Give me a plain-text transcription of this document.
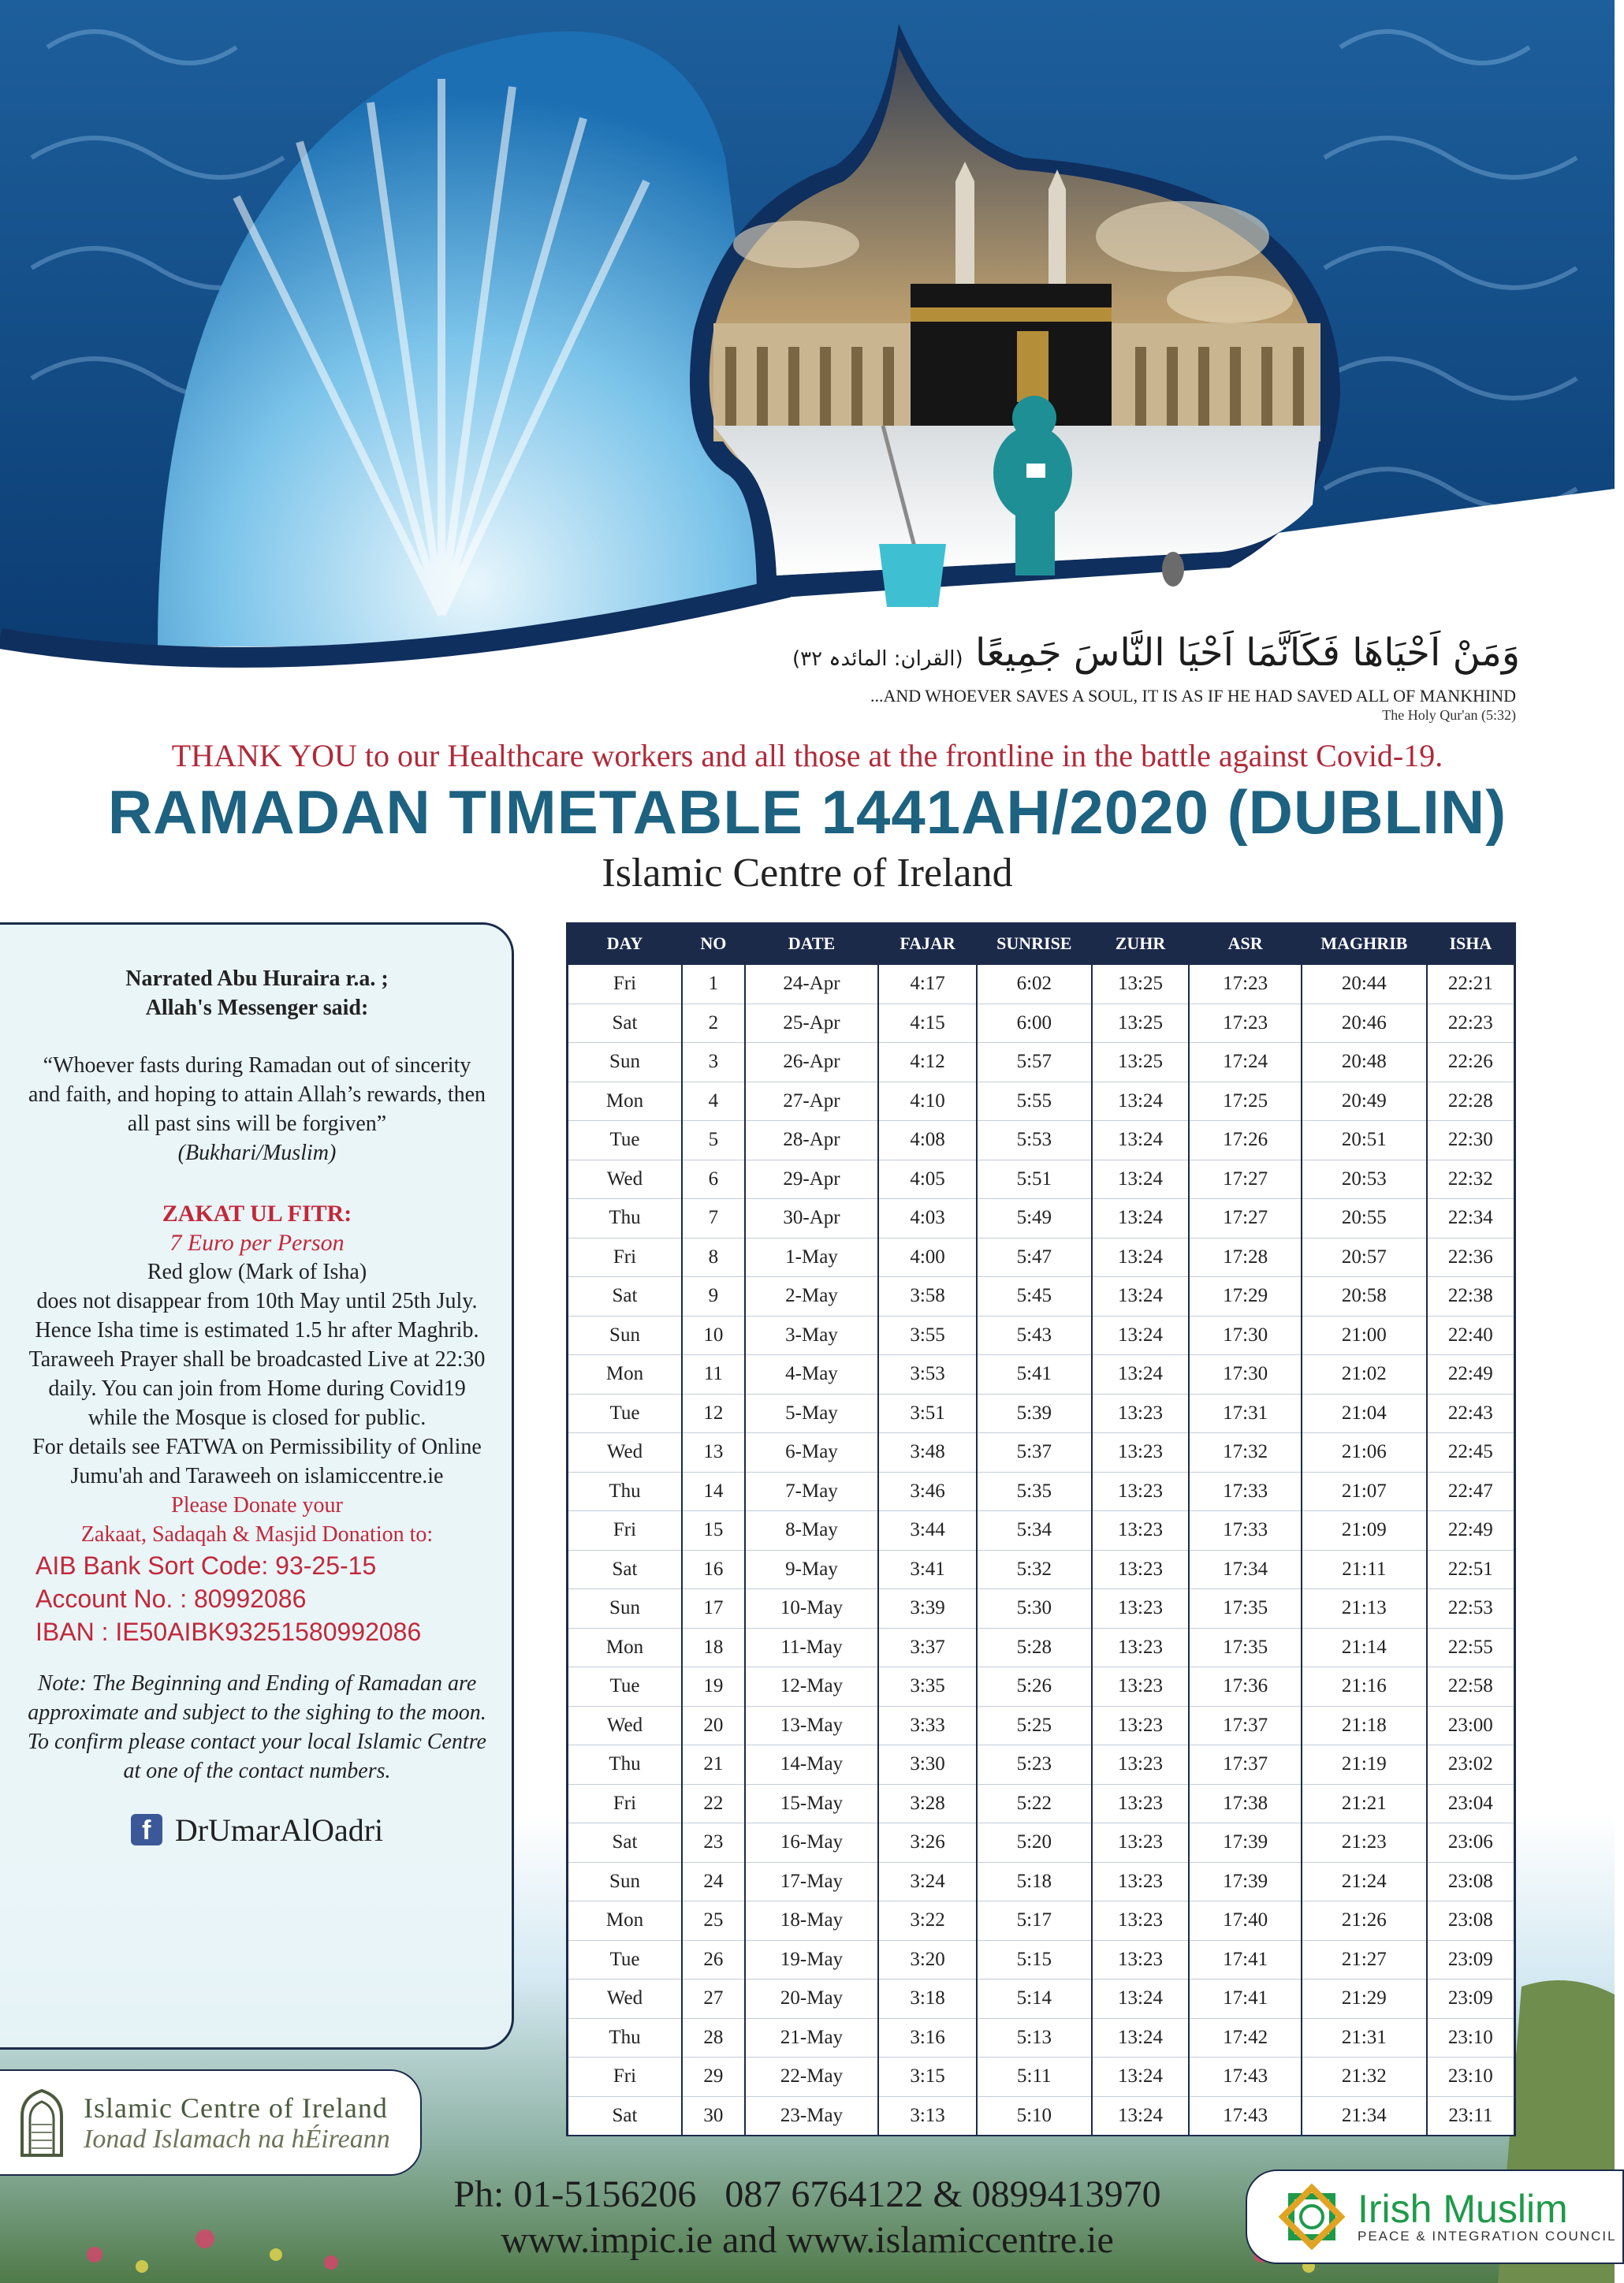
وَمَنْ اَحْيَاهَا فَكَاَنَّمَا اَحْيَا النَّاسَ جَمِيعًا (القران: المائدہ ٣٢)
...AND WHOEVER SAVES A SOUL, IT IS AS IF HE HAD SAVED ALL OF MANKHIND
The Holy Qur'an (5:32)
THANK YOU to our Healthcare workers and all those at the frontline in the battle against Covid-19.
RAMADAN TIMETABLE 1441AH/2020 (DUBLIN)
Islamic Centre of Ireland

Narrated Abu Huraira r.a. ;

Allah's Messenger said:

“Whoever fasts during Ramadan out of sincerity and faith, and hoping to attain Allah’s rewards, then all past sins will be forgiven”

(Bukhari/Muslim)

ZAKAT UL FITR:

7 Euro per Person

Red glow (Mark of Isha)

does not disappear from 10th May until 25th July. Hence Isha time is estimated 1.5 hr after Maghrib.

Taraweeh Prayer shall be broadcasted Live at 22:30 daily. You can join from Home during Covid19 while the Mosque is closed for public.

For details see FATWA on Permissibility of Online Jumu'ah and Taraweeh on islamiccentre.ie

Please Donate your

Zakaat, Sadaqah & Masjid Donation to:

AIB Bank Sort Code: 93-25-15

Account No. : 80992086

IBAN : IE50AIBK93251580992086

Note: The Beginning and Ending of Ramadan are approximate and subject to the sighing to the moon. To confirm please contact your local Islamic Centre at one of the contact numbers.

f DrUmarAlOadri
Islamic Centre of Ireland
Ionad Islamach na hÉireann
Ph: 01-5156206   087 6764122 & 0899413970
www.impic.ie and www.islamiccentre.ie
Irish Muslim
PEACE & INTEGRATION COUNCIL
DAY	NO	DATE	FAJAR	SUNRISE	ZUHR	ASR	MAGHRIB	ISHA
Fri	1	24-Apr	4:17	6:02	13:25	17:23	20:44	22:21
Sat	2	25-Apr	4:15	6:00	13:25	17:23	20:46	22:23
Sun	3	26-Apr	4:12	5:57	13:25	17:24	20:48	22:26
Mon	4	27-Apr	4:10	5:55	13:24	17:25	20:49	22:28
Tue	5	28-Apr	4:08	5:53	13:24	17:26	20:51	22:30
Wed	6	29-Apr	4:05	5:51	13:24	17:27	20:53	22:32
Thu	7	30-Apr	4:03	5:49	13:24	17:27	20:55	22:34
Fri	8	1-May	4:00	5:47	13:24	17:28	20:57	22:36
Sat	9	2-May	3:58	5:45	13:24	17:29	20:58	22:38
Sun	10	3-May	3:55	5:43	13:24	17:30	21:00	22:40
Mon	11	4-May	3:53	5:41	13:24	17:30	21:02	22:49
Tue	12	5-May	3:51	5:39	13:23	17:31	21:04	22:43
Wed	13	6-May	3:48	5:37	13:23	17:32	21:06	22:45
Thu	14	7-May	3:46	5:35	13:23	17:33	21:07	22:47
Fri	15	8-May	3:44	5:34	13:23	17:33	21:09	22:49
Sat	16	9-May	3:41	5:32	13:23	17:34	21:11	22:51
Sun	17	10-May	3:39	5:30	13:23	17:35	21:13	22:53
Mon	18	11-May	3:37	5:28	13:23	17:35	21:14	22:55
Tue	19	12-May	3:35	5:26	13:23	17:36	21:16	22:58
Wed	20	13-May	3:33	5:25	13:23	17:37	21:18	23:00
Thu	21	14-May	3:30	5:23	13:23	17:37	21:19	23:02
Fri	22	15-May	3:28	5:22	13:23	17:38	21:21	23:04
Sat	23	16-May	3:26	5:20	13:23	17:39	21:23	23:06
Sun	24	17-May	3:24	5:18	13:23	17:39	21:24	23:08
Mon	25	18-May	3:22	5:17	13:23	17:40	21:26	23:08
Tue	26	19-May	3:20	5:15	13:23	17:41	21:27	23:09
Wed	27	20-May	3:18	5:14	13:24	17:41	21:29	23:09
Thu	28	21-May	3:16	5:13	13:24	17:42	21:31	23:10
Fri	29	22-May	3:15	5:11	13:24	17:43	21:32	23:10
Sat	30	23-May	3:13	5:10	13:24	17:43	21:34	23:11
